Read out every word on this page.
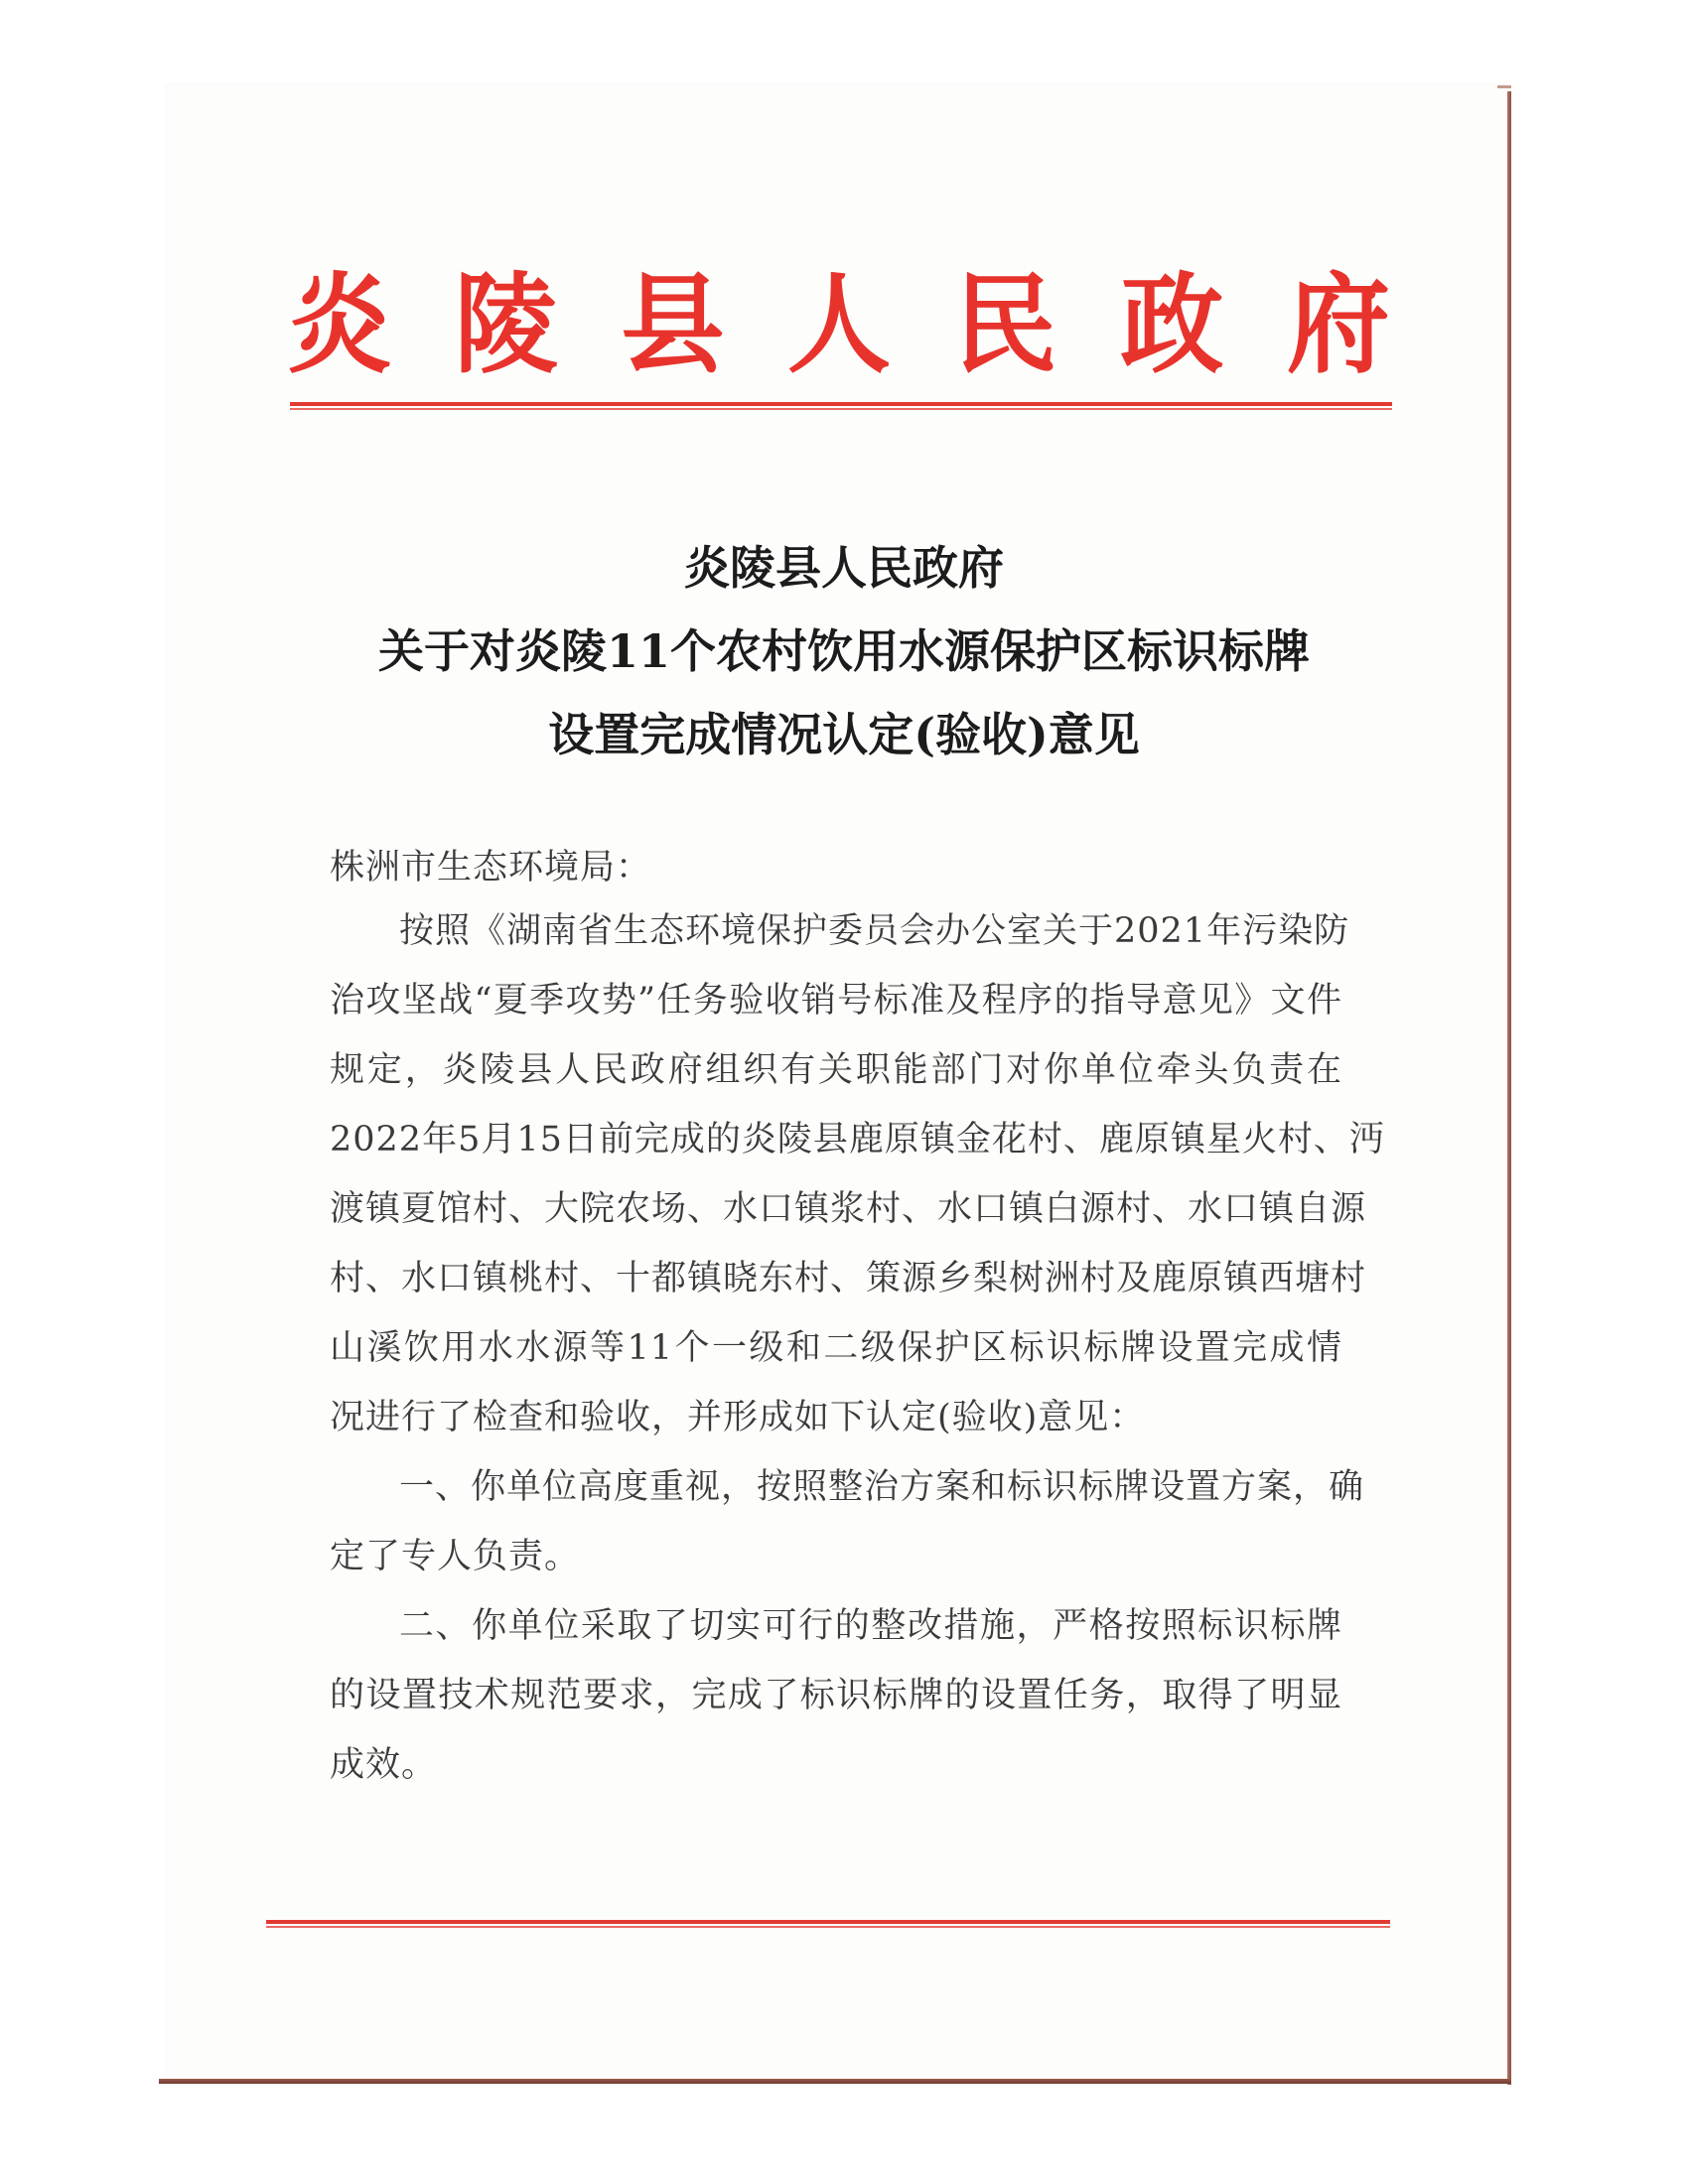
炎 陵 县 人 民 政 府
炎陵县人民政府
关于对炎陵11个农村饮用水源保护区标识标牌
设置完成情况认定(验收)意见
株洲市生态环境局：
按照《湖南省生态环境保护委员会办公室关于2021年污染防
治攻坚战“夏季攻势”任务验收销号标准及程序的指导意见》文件
规定，炎陵县人民政府组织有关职能部门对你单位牵头负责在
2022年5月15日前完成的炎陵县鹿原镇金花村、鹿原镇星火村、沔
渡镇夏馆村、大院农场、水口镇浆村、水口镇白源村、水口镇自源
村、水口镇桃村、十都镇晓东村、策源乡梨树洲村及鹿原镇西塘村
山溪饮用水水源等11个一级和二级保护区标识标牌设置完成情
况进行了检查和验收，并形成如下认定(验收)意见：
一、你单位高度重视，按照整治方案和标识标牌设置方案，确
定了专人负责。
二、你单位采取了切实可行的整改措施，严格按照标识标牌
的设置技术规范要求，完成了标识标牌的设置任务，取得了明显
成效。
